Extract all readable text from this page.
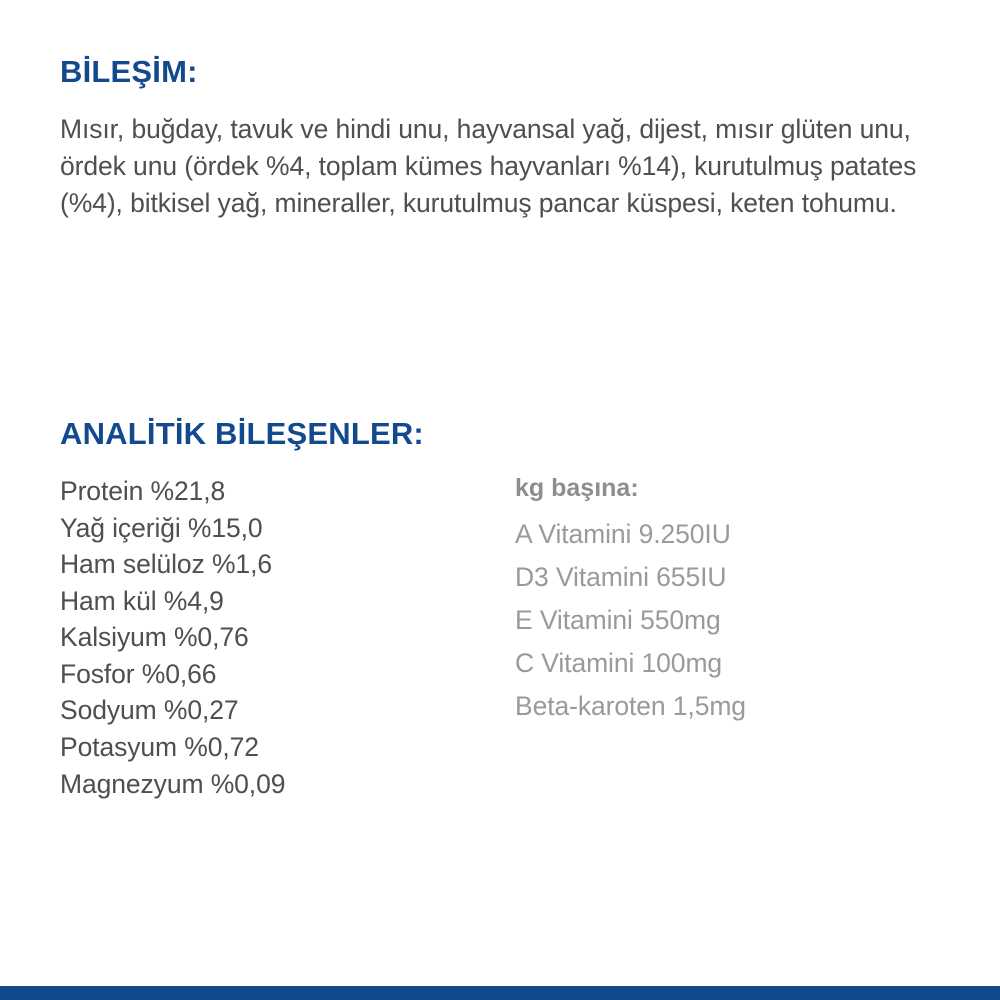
BİLEŞİM:
Mısır, buğday, tavuk ve hindi unu, hayvansal yağ, dijest, mısır glüten unu, ördek unu (ördek %4, toplam kümes hayvanları %14), kurutulmuş patates (%4), bitkisel yağ, mineraller, kurutulmuş pancar küspesi, keten tohumu.
ANALİTİK BİLEŞENLER:
Protein %21,8
Yağ içeriği %15,0
Ham selüloz %1,6
Ham kül %4,9
Kalsiyum %0,76
Fosfor %0,66
Sodyum %0,27
Potasyum %0,72
Magnezyum %0,09
kg başına:
A Vitamini 9.250IU
D3 Vitamini 655IU
E Vitamini 550mg
C Vitamini 100mg
Beta-karoten 1,5mg
